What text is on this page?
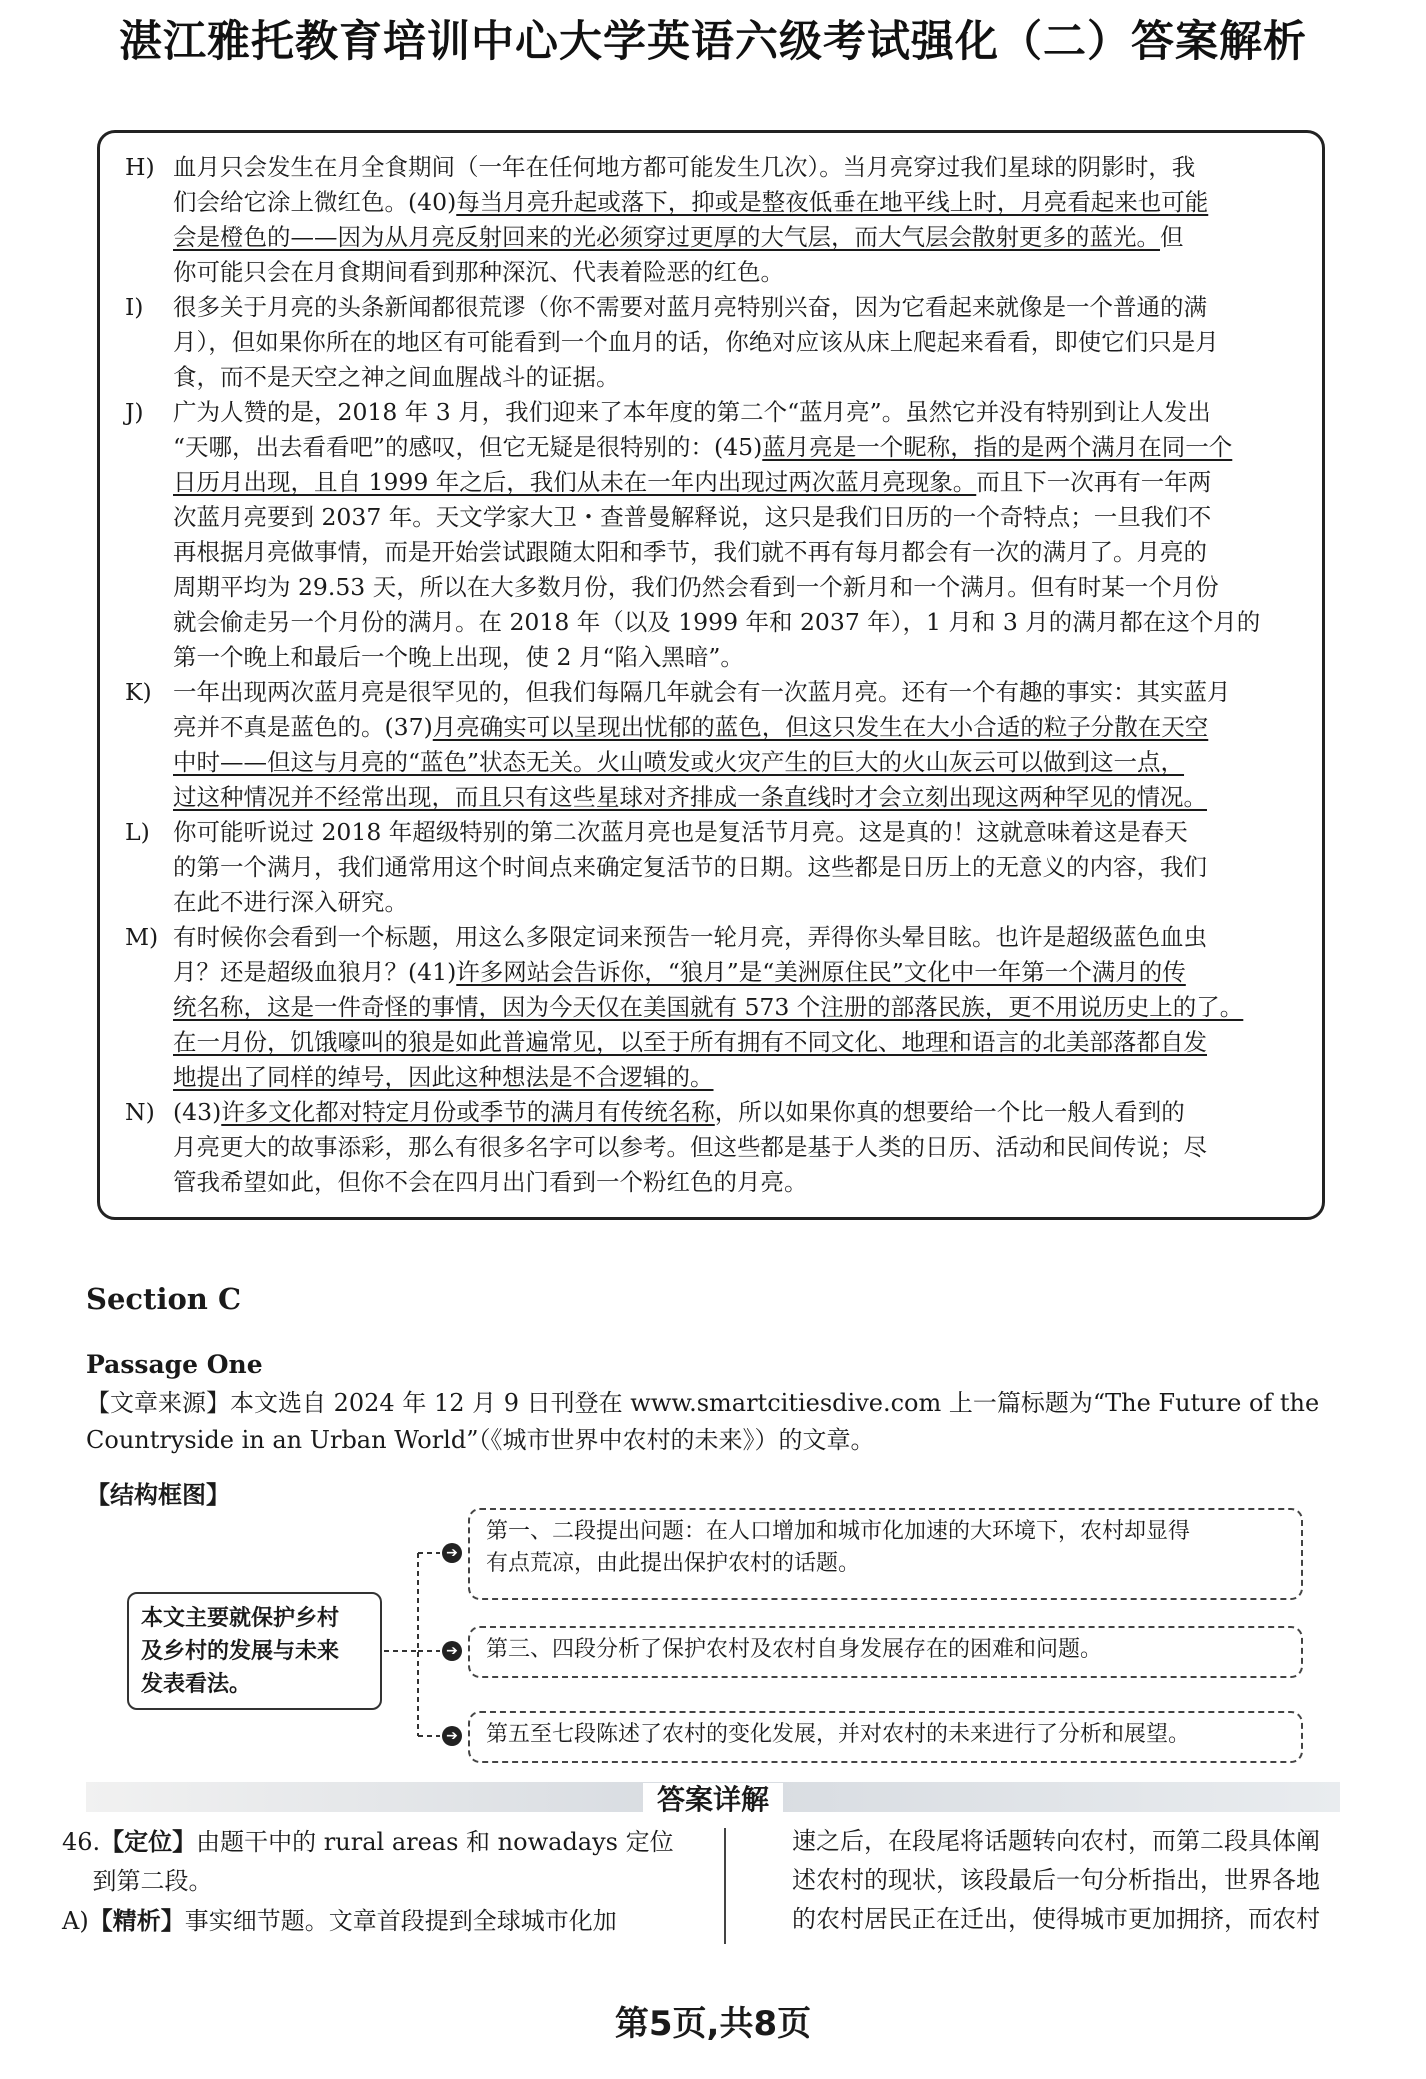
湛江雅托教育培训中心大学英语六级考试强化（二）答案解析
H) 血月只会发生在月全食期间（一年在任何地方都可能发生几次）。当月亮穿过我们星球的阴影时，我
们会给它涂上微红色。(40)每当月亮升起或落下，抑或是整夜低垂在地平线上时，月亮看起来也可能
会是橙色的——因为从月亮反射回来的光必须穿过更厚的大气层，而大气层会散射更多的蓝光。但
你可能只会在月食期间看到那种深沉、代表着险恶的红色。
I)	很多关于月亮的头条新闻都很荒谬（你不需要对蓝月亮特别兴奋，因为它看起来就像是一个普通的满
月），但如果你所在的地区有可能看到一个血月的话，你绝对应该从床上爬起来看看，即使它们只是月
食，而不是天空之神之间血腥战斗的证据。
J)	广为人赞的是，2018 年 3 月，我们迎来了本年度的第二个“蓝月亮”。虽然它并没有特别到让人发出
“天哪，出去看看吧”的感叹，但它无疑是很特别的：(45)蓝月亮是一个昵称，指的是两个满月在同一个
日历月出现，且自 1999 年之后，我们从未在一年内出现过两次蓝月亮现象。而且下一次再有一年两
次蓝月亮要到 2037 年。天文学家大卫・查普曼解释说，这只是我们日历的一个奇特点；一旦我们不
再根据月亮做事情，而是开始尝试跟随太阳和季节，我们就不再有每月都会有一次的满月了。月亮的
周期平均为 29.53 天，所以在大多数月份，我们仍然会看到一个新月和一个满月。但有时某一个月份
就会偷走另一个月份的满月。在 2018 年（以及 1999 年和 2037 年），1 月和 3 月的满月都在这个月的
第一个晚上和最后一个晚上出现，使 2 月“陷入黑暗”。
K) 一年出现两次蓝月亮是很罕见的，但我们每隔几年就会有一次蓝月亮。还有一个有趣的事实：其实蓝月
亮并不真是蓝色的。(37)月亮确实可以呈现出忧郁的蓝色，但这只发生在大小合适的粒子分散在天空
中时——但这与月亮的“蓝色”状态无关。火山喷发或火灾产生的巨大的火山灰云可以做到这一点，
过这种情况并不经常出现，而且只有这些星球对齐排成一条直线时才会立刻出现这两种罕见的情况。
L) 你可能听说过 2018 年超级特别的第二次蓝月亮也是复活节月亮。这是真的！这就意味着这是春天
的第一个满月，我们通常用这个时间点来确定复活节的日期。这些都是日历上的无意义的内容，我们
在此不进行深入研究。
M) 有时候你会看到一个标题，用这么多限定词来预告一轮月亮，弄得你头晕目眩。也许是超级蓝色血虫
月？还是超级血狼月？(41)许多网站会告诉你，“狼月”是“美洲原住民”文化中一年第一个满月的传
统名称，这是一件奇怪的事情，因为今天仅在美国就有 573 个注册的部落民族，更不用说历史上的了。
在一月份，饥饿嚎叫的狼是如此普遍常见，以至于所有拥有不同文化、地理和语言的北美部落都自发
地提出了同样的绰号，因此这种想法是不合逻辑的。
N) (43)许多文化都对特定月份或季节的满月有传统名称，所以如果你真的想要给一个比一般人看到的
月亮更大的故事添彩，那么有很多名字可以参考。但这些都是基于人类的日历、活动和民间传说；尽
管我希望如此，但你不会在四月出门看到一个粉红色的月亮。
Section C
Passage One
【文章来源】本文选自 2024 年 12 月 9 日刊登在 www.smartcitiesdive.com 上一篇标题为“The Future of the
Countryside in an Urban World”（《城市世界中农村的未来》）的文章。
【结构框图】
➔
➔
➔
本文主要就保护乡村
及乡村的发展与未来
发表看法。
第一、二段提出问题：在人口增加和城市化加速的大环境下，农村却显得
有点荒凉，由此提出保护农村的话题。
第三、四段分析了保护农村及农村自身发展存在的困难和问题。
第五至七段陈述了农村的变化发展，并对农村的未来进行了分析和展望。
答案详解
46.【定位】由题干中的 rural areas 和 nowadays 定位
到第二段。
A)【精析】事实细节题。文章首段提到全球城市化加
速之后，在段尾将话题转向农村，而第二段具体阐
述农村的现状，该段最后一句分析指出，世界各地
的农村居民正在迁出，使得城市更加拥挤，而农村
第5页,共8页
